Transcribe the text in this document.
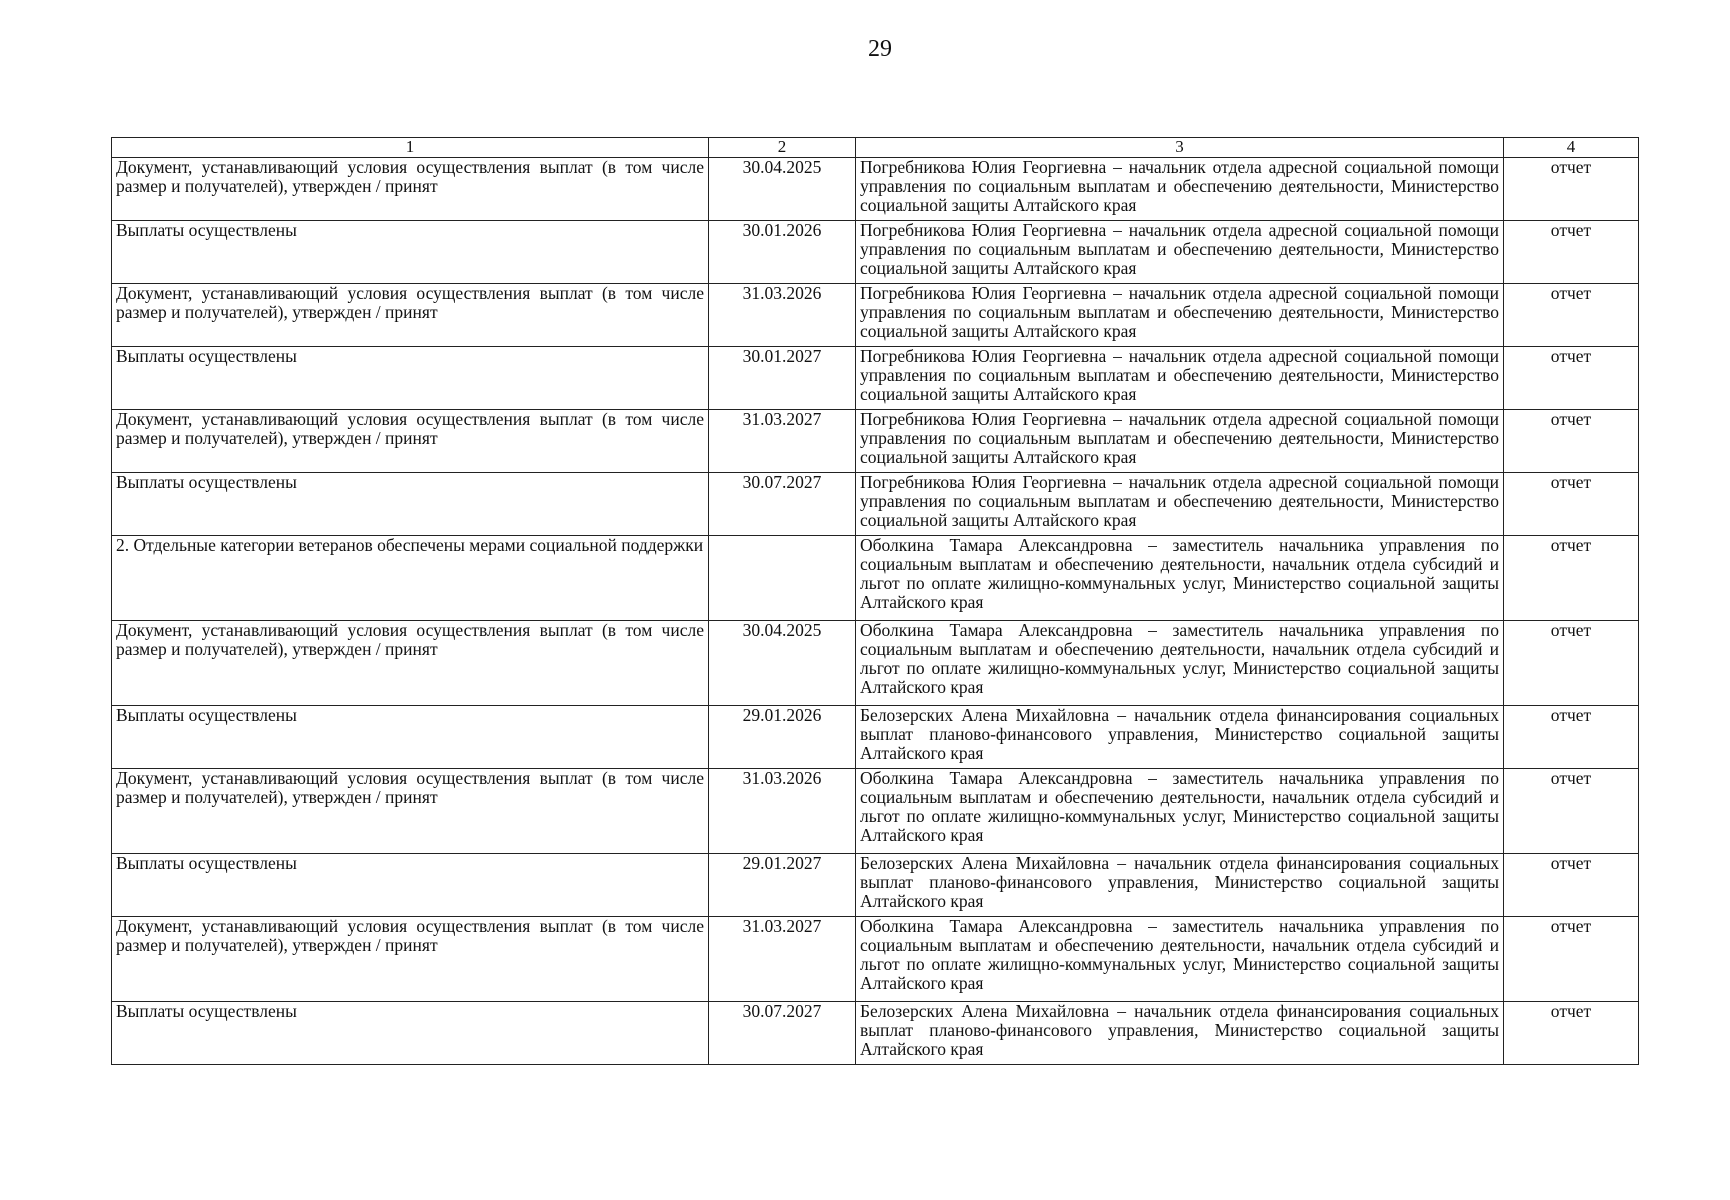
29
1	2	3	4
Документ, устанавливающий условия осуществления выплат (в том числе размер и получателей), утвержден / принят	30.04.2025	Погребникова Юлия Георгиевна – начальник отдела адресной социальной помощи управления по социальным выплатам и обеспечению деятельности, Министерство социальной защиты Алтайского края	отчет
Выплаты осуществлены	30.01.2026	Погребникова Юлия Георгиевна – начальник отдела адресной социальной помощи управления по социальным выплатам и обеспечению деятельности, Министерство социальной защиты Алтайского края	отчет
Документ, устанавливающий условия осуществления выплат (в том числе размер и получателей), утвержден / принят	31.03.2026	Погребникова Юлия Георгиевна – начальник отдела адресной социальной помощи управления по социальным выплатам и обеспечению деятельности, Министерство социальной защиты Алтайского края	отчет
Выплаты осуществлены	30.01.2027	Погребникова Юлия Георгиевна – начальник отдела адресной социальной помощи управления по социальным выплатам и обеспечению деятельности, Министерство социальной защиты Алтайского края	отчет
Документ, устанавливающий условия осуществления выплат (в том числе размер и получателей), утвержден / принят	31.03.2027	Погребникова Юлия Георгиевна – начальник отдела адресной социальной помощи управления по социальным выплатам и обеспечению деятельности, Министерство социальной защиты Алтайского края	отчет
Выплаты осуществлены	30.07.2027	Погребникова Юлия Георгиевна – начальник отдела адресной социальной помощи управления по социальным выплатам и обеспечению деятельности, Министерство социальной защиты Алтайского края	отчет
2. Отдельные категории ветеранов обеспечены мерами социальной поддержки		Оболкина Тамара Александровна – заместитель начальника управления по социальным выплатам и обеспечению деятельности, начальник отдела субсидий и льгот по оплате жилищно-коммунальных услуг, Министерство социальной защиты Алтайского края	отчет
Документ, устанавливающий условия осуществления выплат (в том числе размер и получателей), утвержден / принят	30.04.2025	Оболкина Тамара Александровна – заместитель начальника управления по социальным выплатам и обеспечению деятельности, начальник отдела субсидий и льгот по оплате жилищно-коммунальных услуг, Министерство социальной защиты Алтайского края	отчет
Выплаты осуществлены	29.01.2026	Белозерских Алена Михайловна – начальник отдела финансирования социальных выплат планово-финансового управления, Министерство социальной защиты Алтайского края	отчет
Документ, устанавливающий условия осуществления выплат (в том числе размер и получателей), утвержден / принят	31.03.2026	Оболкина Тамара Александровна – заместитель начальника управления по социальным выплатам и обеспечению деятельности, начальник отдела субсидий и льгот по оплате жилищно-коммунальных услуг, Министерство социальной защиты Алтайского края	отчет
Выплаты осуществлены	29.01.2027	Белозерских Алена Михайловна – начальник отдела финансирования социальных выплат планово-финансового управления, Министерство социальной защиты Алтайского края	отчет
Документ, устанавливающий условия осуществления выплат (в том числе размер и получателей), утвержден / принят	31.03.2027	Оболкина Тамара Александровна – заместитель начальника управления по социальным выплатам и обеспечению деятельности, начальник отдела субсидий и льгот по оплате жилищно-коммунальных услуг, Министерство социальной защиты Алтайского края	отчет
Выплаты осуществлены	30.07.2027	Белозерских Алена Михайловна – начальник отдела финансирования социальных выплат планово-финансового управления, Министерство социальной защиты Алтайского края	отчет
